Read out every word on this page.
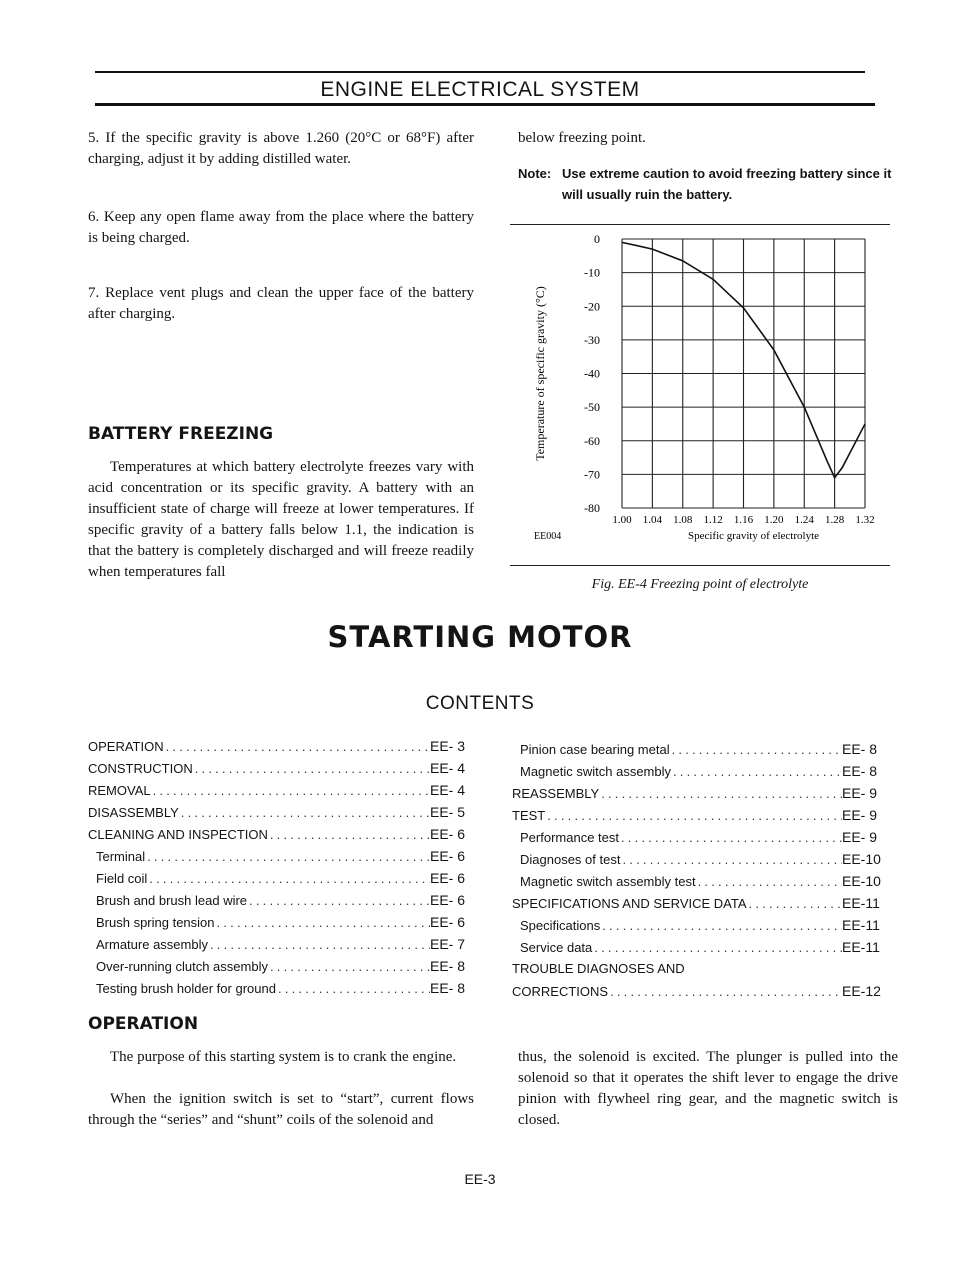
ENGINE ELECTRICAL SYSTEM

5. If the specific gravity is above 1.260 (20°C or 68°F) after charging, adjust it by adding distilled water.

6. Keep any open flame away from the place where the battery is being charged.

7. Replace vent plugs and clean the upper face of the battery after charging.

BATTERY FREEZING

Temperatures at which battery electrolyte freezes vary with acid concentration or its specific gravity. A battery with an insufficient state of charge will freeze at lower temperatures. If specific gravity of a battery falls below 1.1, the indication is that the battery is completely discharged and will freeze readily when temperatures fall

below freezing point.

Note: Use extreme caution to avoid freezing battery since it will usually ruin the battery.
0
-10
-20
-30
-40
-50
-60
-70
-80
1.00 1.04 1.08 1.12 1.16 1.20 1.24 1.28 1.32
Temperature of specific gravity (°C)
Specific gravity of electrolyte
EE004
Fig. EE-4 Freezing point of electrolyte
STARTING MOTOR
CONTENTS
OPERATION .....	EE- 3
CONSTRUCTION .....	EE- 4
REMOVAL .....	EE- 4
DISASSEMBLY .....	EE- 5
CLEANING AND INSPECTION .....	EE- 6
Terminal .....	EE- 6
Field coil .....	EE- 6
Brush and brush lead wire .....	EE- 6
Brush spring tension .....	EE- 6
Armature assembly .....	EE- 7
Over-running clutch assembly .....	EE- 8
Testing brush holder for ground .....	EE- 8
Pinion case bearing metal .....	EE- 8
Magnetic switch assembly .....	EE- 8
REASSEMBLY .....	EE- 9
TEST .....	EE- 9
Performance test .....	EE- 9
Diagnoses of test .....	EE-10
Magnetic switch assembly test .....	EE-10
SPECIFICATIONS AND SERVICE DATA .....	EE-11
Specifications .....	EE-11
Service data .....	EE-11
TROUBLE DIAGNOSES AND
CORRECTIONS .....	EE-12
OPERATION

The purpose of this starting system is to crank the engine.

When the ignition switch is set to “start”, current flows through the “series” and “shunt” coils of the solenoid and

thus, the solenoid is excited. The plunger is pulled into the solenoid so that it operates the shift lever to engage the drive pinion with flywheel ring gear, and the magnetic switch is closed.

EE-3
